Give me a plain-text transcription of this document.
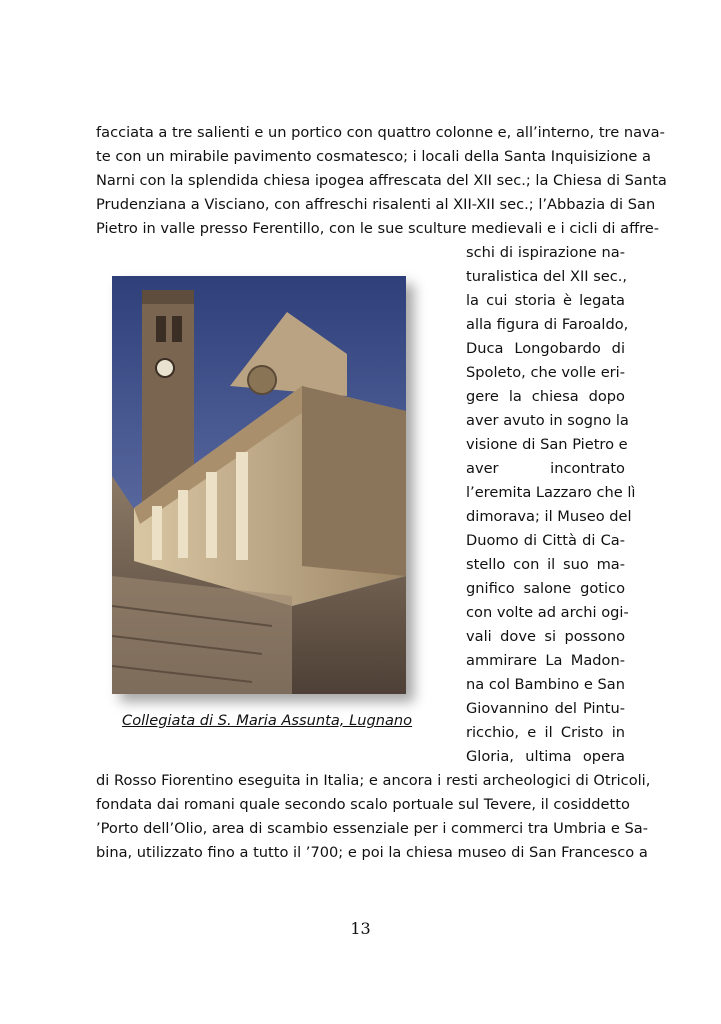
facciata a tre salienti e un portico con quattro colonne e, all’interno, tre nava-
te con un mirabile pavimento cosmatesco; i locali della Santa Inquisizione a
Narni con la splendida chiesa ipogea affrescata del XII sec.; la Chiesa di Santa
Prudenziana a Visciano, con affreschi risalenti al XII-XII sec.; l’Abbazia di San
Pietro in valle presso Ferentillo, con le sue sculture medievali e i cicli di affre-
Collegiata di S. Maria Assunta, Lugnano
schi di ispirazione na-
turalistica del XII sec.,
la cui storia è legata
alla figura di Faroaldo,
Duca Longobardo di
Spoleto, che volle eri-
gere la chiesa dopo
aver avuto in sogno la
visione di San Pietro e
aver incontrato
l’eremita Lazzaro che lì
dimorava; il Museo del
Duomo di Città di Ca-
stello con il suo ma-
gnifico salone gotico
con volte ad archi ogi-
vali dove si possono
ammirare La Madon-
na col Bambino e San
Giovannino del Pintu-
ricchio, e il Cristo in
Gloria, ultima opera
di Rosso Fiorentino eseguita in Italia; e ancora i resti archeologici di Otricoli,
fondata dai romani quale secondo scalo portuale sul Tevere, il cosiddetto
’Porto dell’Olio, area di scambio essenziale per i commerci tra Umbria e Sa-
bina, utilizzato fino a tutto il ’700; e poi la chiesa museo di San Francesco a
13
